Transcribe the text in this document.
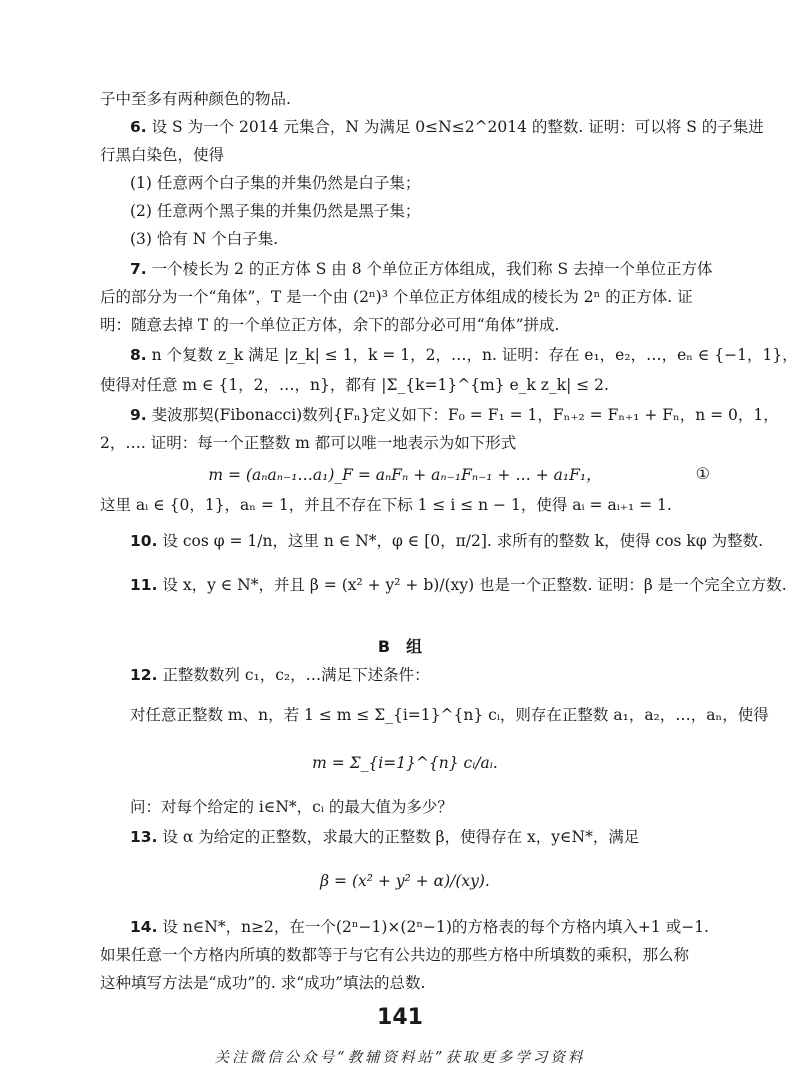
子中至多有两种颜色的物品.
6. 设 S 为一个 2014 元集合，N 为满足 0≤N≤2^2014 的整数. 证明：可以将 S 的子集进
行黑白染色，使得
(1) 任意两个白子集的并集仍然是白子集；
(2) 任意两个黑子集的并集仍然是黑子集；
(3) 恰有 N 个白子集.
7. 一个棱长为 2 的正方体 S 由 8 个单位正方体组成，我们称 S 去掉一个单位正方体
后的部分为一个“角体”，T 是一个由 (2ⁿ)³ 个单位正方体组成的棱长为 2ⁿ 的正方体. 证
明：随意去掉 T 的一个单位正方体，余下的部分必可用“角体”拼成.
8. n 个复数 z_k 满足 |z_k| ≤ 1，k = 1，2，…，n. 证明：存在 e₁，e₂，…，eₙ ∈ {−1，1}，
使得对任意 m ∈ {1，2，…，n}，都有 |Σ_{k=1}^{m} e_k z_k| ≤ 2.
9. 斐波那契(Fibonacci)数列{Fₙ}定义如下：F₀ = F₁ = 1，Fₙ₊₂ = Fₙ₊₁ + Fₙ，n = 0，1，
2，…. 证明：每一个正整数 m 都可以唯一地表示为如下形式
m = (aₙaₙ₋₁…a₁)_F = aₙFₙ + aₙ₋₁Fₙ₋₁ + … + a₁F₁，	①
这里 aᵢ ∈ {0，1}，aₙ = 1，并且不存在下标 1 ≤ i ≤ n − 1，使得 aᵢ = aᵢ₊₁ = 1.
10. 设 cos φ = 1/n，这里 n ∈ N*，φ ∈ [0，π/2]. 求所有的整数 k，使得 cos kφ 为整数.
11. 设 x，y ∈ N*，并且 β = (x² + y² + b)/(xy) 也是一个正整数. 证明：β 是一个完全立方数.
B　组
12. 正整数数列 c₁，c₂，…满足下述条件：
对任意正整数 m、n，若 1 ≤ m ≤ Σ_{i=1}^{n} cᵢ，则存在正整数 a₁，a₂，…，aₙ，使得
m = Σ_{i=1}^{n} cᵢ/aᵢ.
问：对每个给定的 i∈N*，cᵢ 的最大值为多少？
13. 设 α 为给定的正整数，求最大的正整数 β，使得存在 x，y∈N*，满足
β = (x² + y² + α)/(xy).
14. 设 n∈N*，n≥2，在一个(2ⁿ−1)×(2ⁿ−1)的方格表的每个方格内填入+1 或−1.
如果任意一个方格内所填的数都等于与它有公共边的那些方格中所填数的乘积，那么称
这种填写方法是“成功”的. 求“成功”填法的总数.
141
关注微信公众号“教辅资料站”获取更多学习资料
